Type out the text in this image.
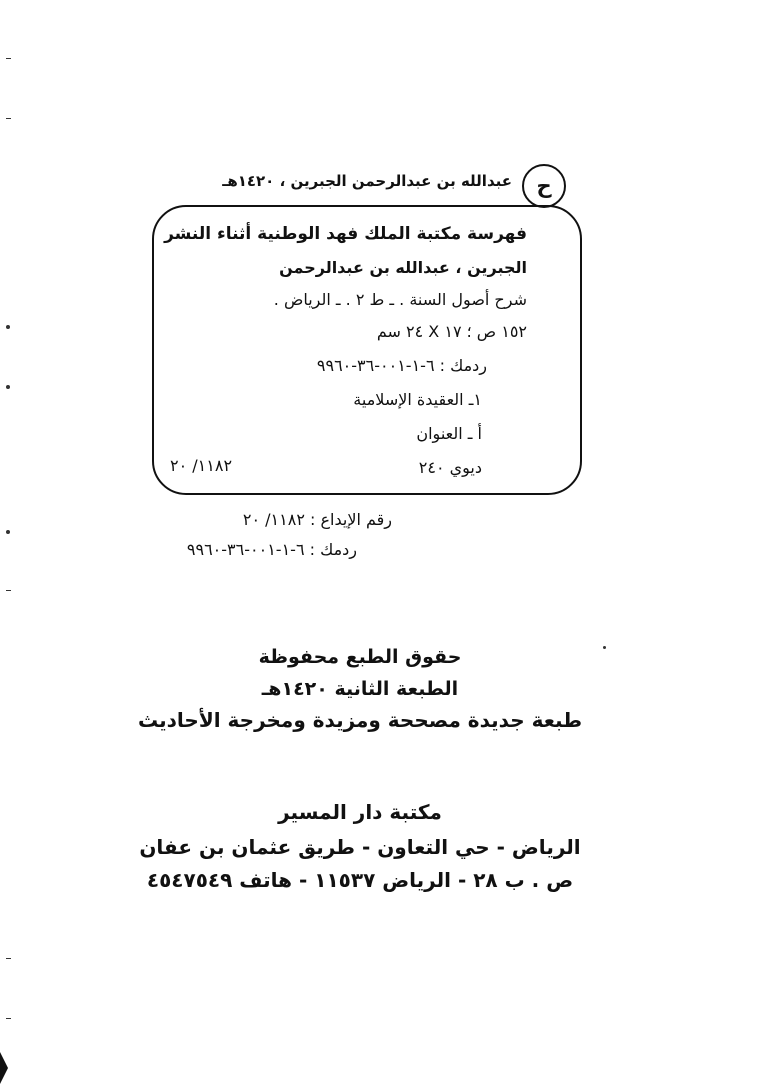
ح
عبدالله بن عبدالرحمن الجبرين ، ١٤٢٠هـ
فهرسة مكتبة الملك فهد الوطنية أثناء النشر
الجبرين ، عبدالله بن عبدالرحمن
شرح أصول السنة . ـ ط ٢ . ـ الرياض .
١٥٢ ص ؛ ١٧ X ٢٤ سم
ردمك : ٦-١-٠٠١-٣٦-٩٩٦٠
١ـ العقيدة الإسلامية
أ ـ العنوان
ديوي ٢٤٠
١١٨٢/ ٢٠
رقم الإيداع : ١١٨٢/ ٢٠
ردمك : ٦-١-٠٠١-٣٦-٩٩٦٠
حقوق الطبع محفوظة
الطبعة الثانية ١٤٢٠هـ
طبعة جديدة مصححة ومزيدة ومخرجة الأحاديث
مكتبة دار المسير
الرياض - حي التعاون - طريق عثمان بن عفان
ص . ب ٢٨ - الرياض ١١٥٣٧ - هاتف ٤٥٤٧٥٤٩
